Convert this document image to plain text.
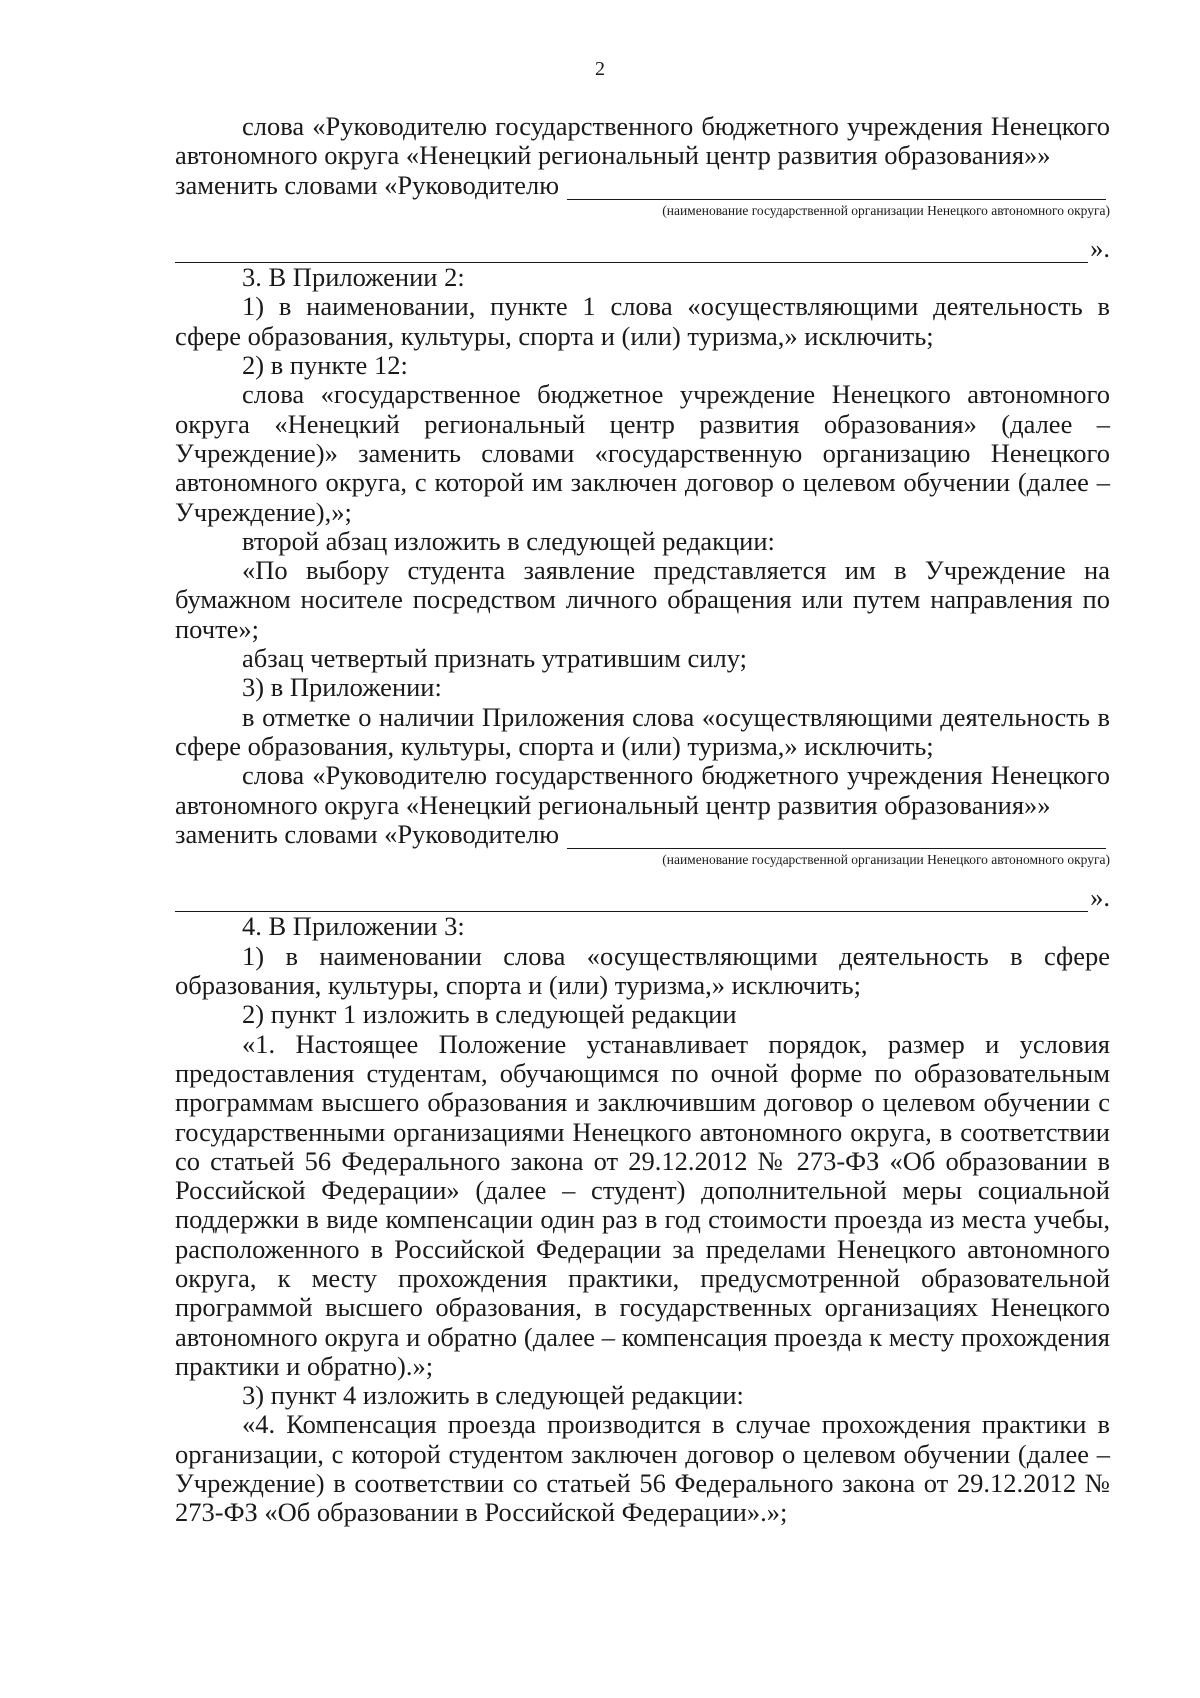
2

слова «Руководителю государственного бюджетного учреждения Ненецкого автономного округа «Ненецкий региональный центр развития образования»»

заменить словами «Руководителю
(наименование государственной организации Ненецкого автономного округа)
».

3. В Приложении 2:

1) в наименовании, пункте 1 слова «осуществляющими деятельность в сфере образования, культуры, спорта и (или) туризма,» исключить;

2) в пункте 12:

слова «государственное бюджетное учреждение Ненецкого автономного округа «Ненецкий региональный центр развития образования» (далее – Учреждение)» заменить словами «государственную организацию Ненецкого автономного округа, с которой им заключен договор о целевом обучении (далее – Учреждение),»;

второй абзац изложить в следующей редакции:

«По выбору студента заявление представляется им в Учреждение на бумажном носителе посредством личного обращения или путем направления по почте»;

абзац четвертый признать утратившим силу;

3) в Приложении:

в отметке о наличии Приложения слова «осуществляющими деятельность в сфере образования, культуры, спорта и (или) туризма,» исключить;

слова «Руководителю государственного бюджетного учреждения Ненецкого автономного округа «Ненецкий региональный центр развития образования»»

заменить словами «Руководителю
(наименование государственной организации Ненецкого автономного округа)
».

4. В Приложении 3:

1) в наименовании слова «осуществляющими деятельность в сфере образования, культуры, спорта и (или) туризма,» исключить;

2) пункт 1 изложить в следующей редакции

«1. Настоящее Положение устанавливает порядок, размер и условия предоставления студентам, обучающимся по очной форме по образовательным программам высшего образования и заключившим договор о целевом обучении с государственными организациями Ненецкого автономного округа, в соответствии со статьей 56 Федерального закона от 29.12.2012 № 273-ФЗ «Об образовании в Российской Федерации» (далее – студент) дополнительной меры социальной поддержки в виде компенсации один раз в год стоимости проезда из места учебы, расположенного в Российской Федерации за пределами Ненецкого автономного округа, к месту прохождения практики, предусмотренной образовательной программой высшего образования, в государственных организациях Ненецкого автономного округа и обратно (далее – компенсация проезда к месту прохождения практики и обратно).»;

3) пункт 4 изложить в следующей редакции:

«4. Компенсация проезда производится в случае прохождения практики в организации, с которой студентом заключен договор о целевом обучении (далее – Учреждение) в соответствии со статьей 56 Федерального закона от 29.12.2012 № 273-ФЗ «Об образовании в Российской Федерации».»;
